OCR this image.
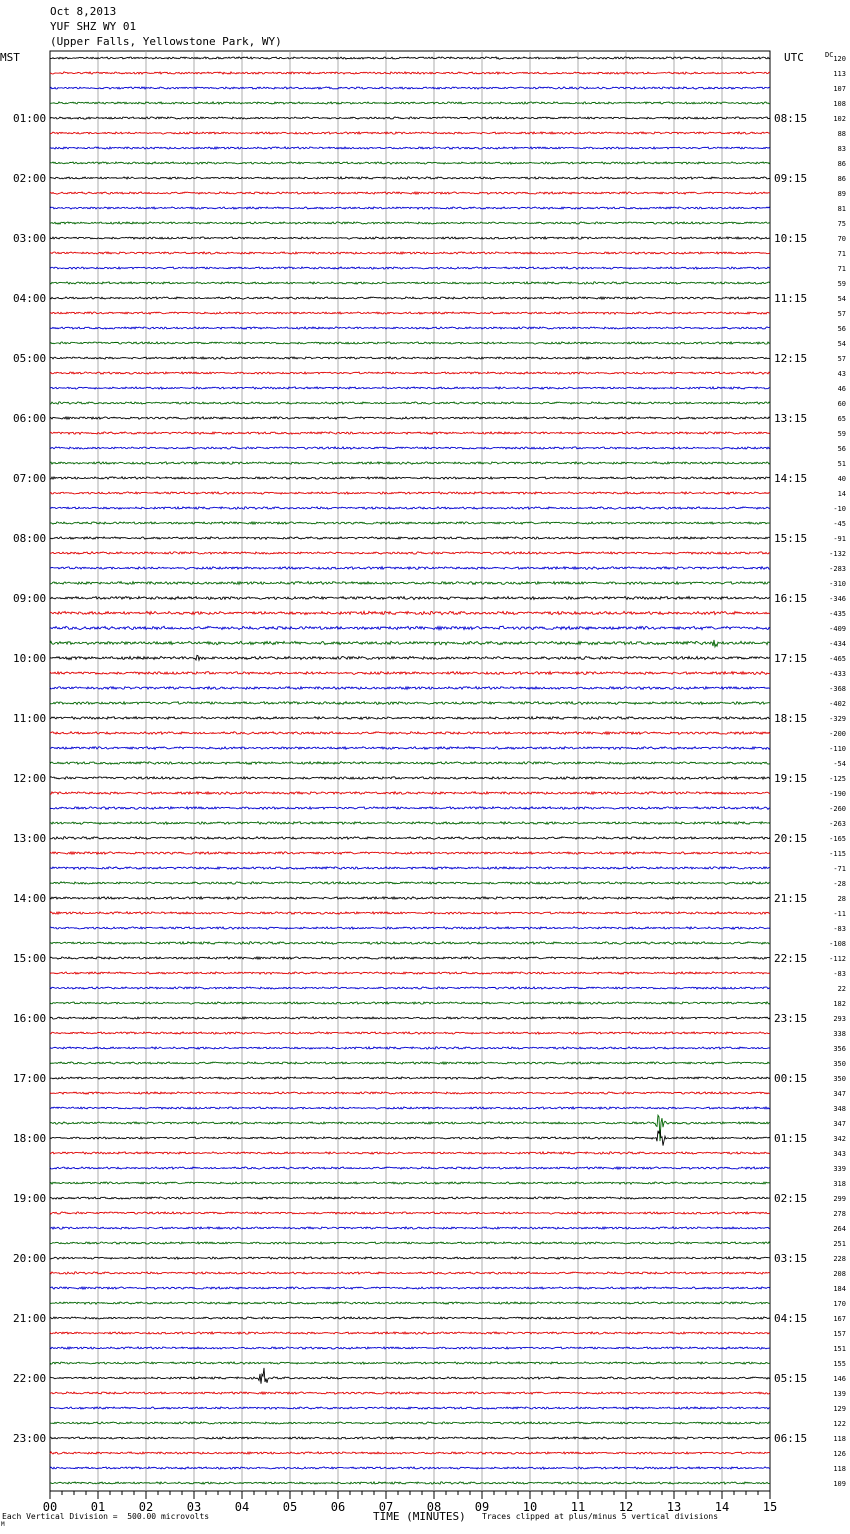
Oct 8,2013
YUF SHZ WY 01
(Upper Falls, Yellowstone Park, WY)
01:00
02:00
03:00
04:00
05:00
06:00
07:00
08:00
09:00
10:00
11:00
12:00
13:00
14:00
15:00
16:00
17:00
18:00
19:00
20:00
21:00
22:00
23:00
08:15
09:15
10:15
11:15
12:15
13:15
14:15
15:15
16:15
17:15
18:15
19:15
20:15
21:15
22:15
23:15
00:15
01:15
02:15
03:15
04:15
05:15
06:15
120
113
107
108
102
88
83
86
86
89
81
75
70
71
71
59
54
57
56
54
57
43
46
60
65
59
56
51
40
14
-10
-45
-91
-132
-283
-310
-346
-435
-409
-434
-465
-433
-368
-402
-329
-200
-110
-54
-125
-190
-260
-263
-165
-115
-71
-28
28
-11
-83
-108
-112
-83
22
182
293
338
356
350
350
347
348
347
342
343
339
318
299
278
264
251
228
208
184
170
167
157
151
155
146
139
129
122
118
126
118
109
00	01	02	03	04	05	06	07	08	09	10	11	12	13	14	15
M
MST	UTC	DC
Each Vertical Division =  500.00 microvolts	TIME (MINUTES) Traces clipped at plus/minus 5 vertical divisions
